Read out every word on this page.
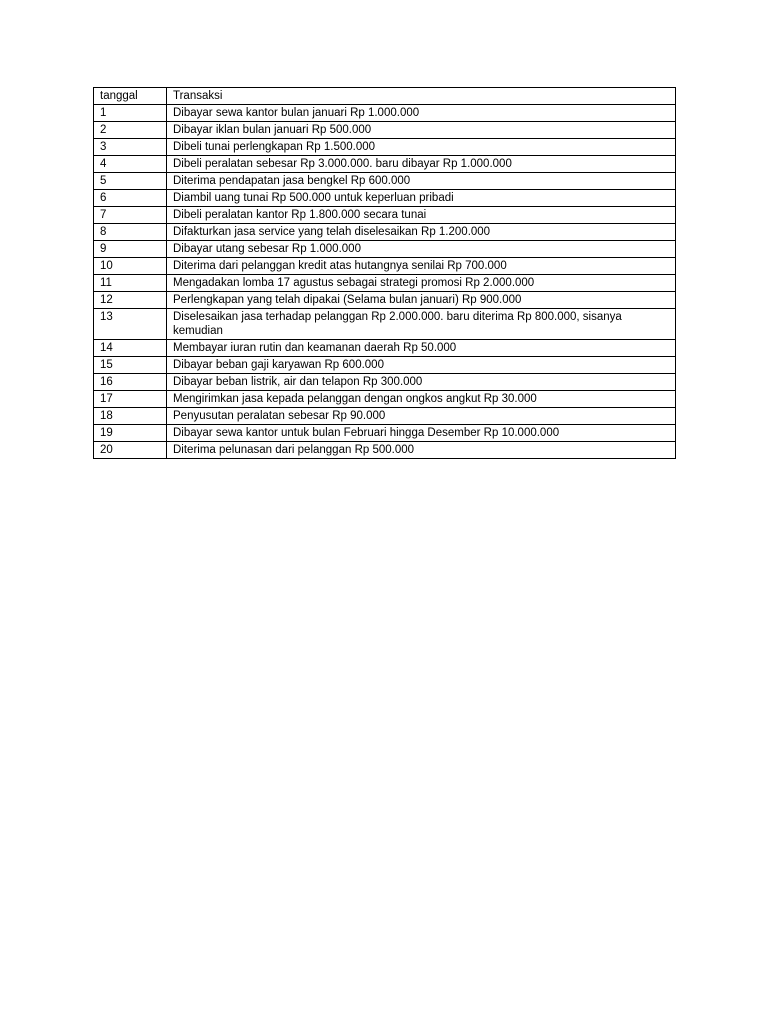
tanggal	Transaksi
1	Dibayar sewa kantor bulan januari Rp 1.000.000
2	Dibayar iklan bulan januari Rp 500.000
3	Dibeli tunai perlengkapan Rp 1.500.000
4	Dibeli peralatan sebesar Rp 3.000.000. baru dibayar Rp 1.000.000
5	Diterima pendapatan jasa bengkel Rp 600.000
6	Diambil uang tunai Rp 500.000 untuk keperluan pribadi
7	Dibeli peralatan kantor Rp 1.800.000 secara tunai
8	Difakturkan jasa service yang telah diselesaikan Rp 1.200.000
9	Dibayar utang sebesar Rp 1.000.000
10	Diterima dari pelanggan kredit atas hutangnya senilai Rp 700.000
11	Mengadakan lomba 17 agustus sebagai strategi promosi Rp 2.000.000
12	Perlengkapan yang telah dipakai (Selama bulan januari) Rp 900.000
13	Diselesaikan jasa terhadap pelanggan Rp 2.000.000. baru diterima Rp 800.000, sisanya kemudian
14	Membayar iuran rutin dan keamanan daerah Rp 50.000
15	Dibayar beban gaji karyawan Rp 600.000
16	Dibayar beban listrik, air dan telapon Rp 300.000
17	Mengirimkan jasa kepada pelanggan dengan ongkos angkut Rp 30.000
18	Penyusutan peralatan sebesar Rp 90.000
19	Dibayar sewa kantor untuk bulan Februari hingga Desember Rp 10.000.000
20	Diterima pelunasan dari pelanggan Rp 500.000
